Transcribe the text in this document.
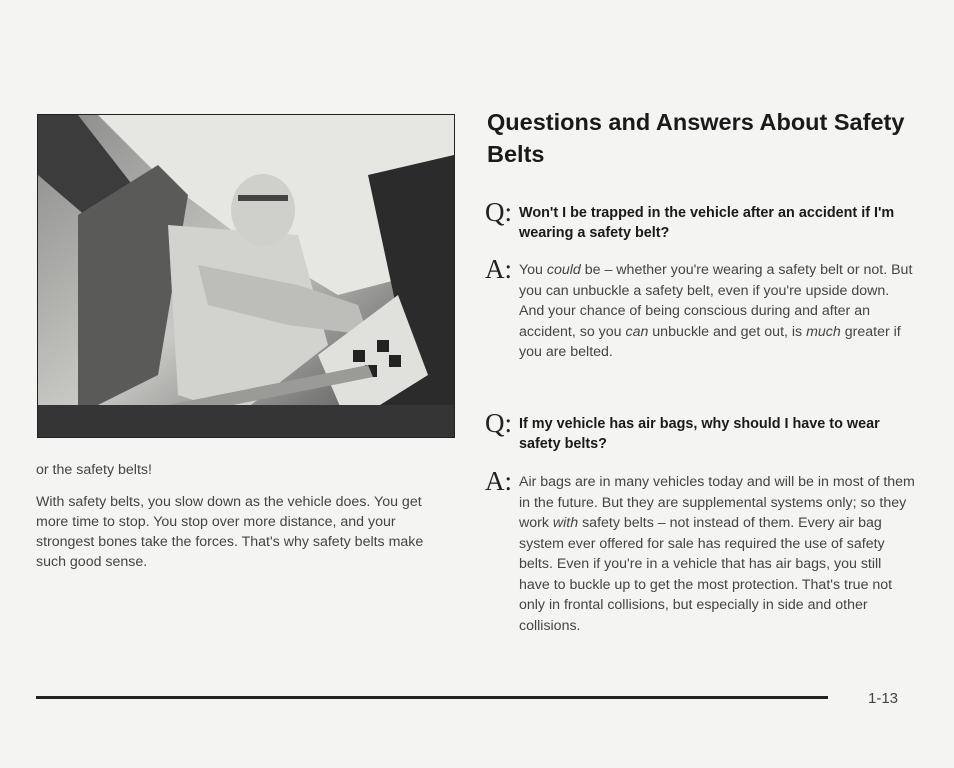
or the safety belts!

With safety belts, you slow down as the vehicle does. You get more time to stop. You stop over more distance, and your strongest bones take the forces. That's why safety belts make such good sense.

Questions and Answers About Safety Belts
Q: Won't I be trapped in the vehicle after an accident if I'm wearing a safety belt?

A: You could be – whether you're wearing a safety belt or not. But you can unbuckle a safety belt, even if you're upside down. And your chance of being conscious during and after an accident, so you can unbuckle and get out, is much greater if you are belted.

Q: If my vehicle has air bags, why should I have to wear safety belts?

A: Air bags are in many vehicles today and will be in most of them in the future. But they are supplemental systems only; so they work with safety belts – not instead of them. Every air bag system ever offered for sale has required the use of safety belts. Even if you're in a vehicle that has air bags, you still have to buckle up to get the most protection. That's true not only in frontal collisions, but especially in side and other collisions.

1-13
